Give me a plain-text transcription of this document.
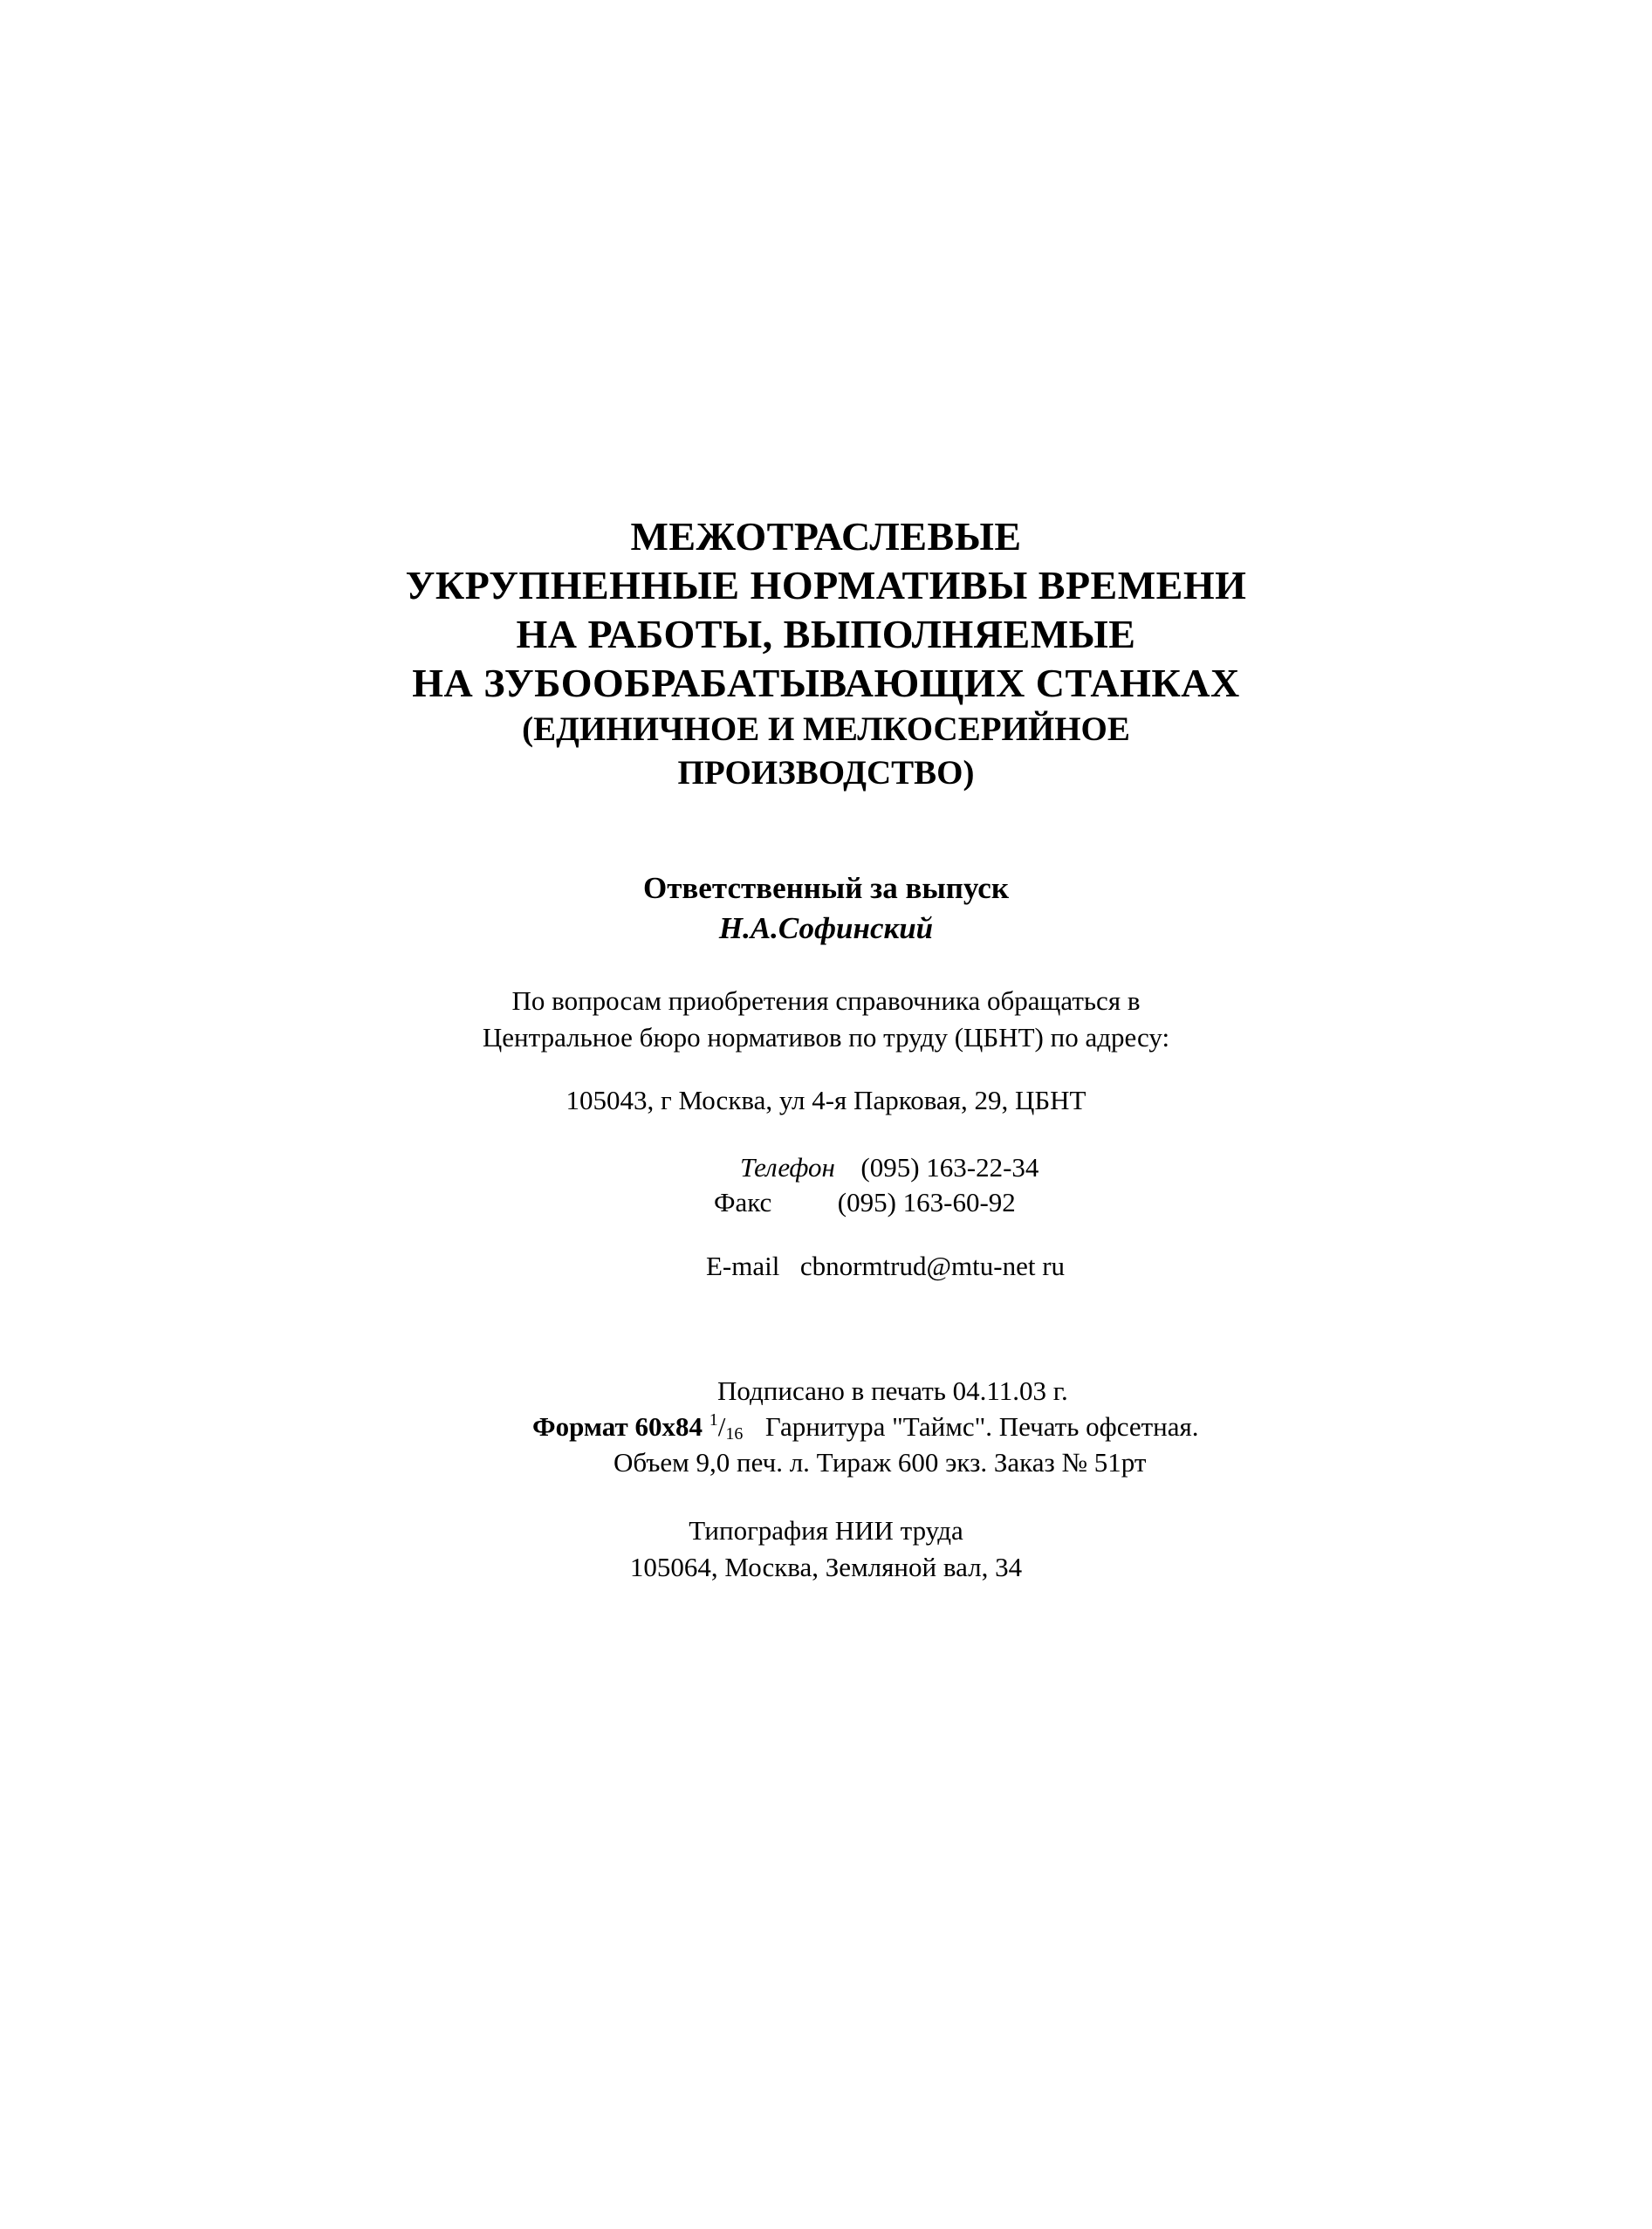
МЕЖОТРАСЛЕВЫЕ
УКРУПНЕННЫЕ НОРМАТИВЫ ВРЕМЕНИ
НА РАБОТЫ, ВЫПОЛНЯЕМЫЕ
НА ЗУБООБРАБАТЫВАЮЩИХ СТАНКАХ
(ЕДИНИЧНОЕ И МЕЛКОСЕРИЙНОЕ
ПРОИЗВОДСТВО)
Ответственный за выпуск
Н.А.Софинский
По вопросам приобретения справочника обращаться в
Центральное бюро нормативов по труду (ЦБНТ) по адресу:
105043, г Москва, ул 4-я Парковая, 29, ЦБНТ
Телефон (095) 163-22-34
Факс (095) 163-60-92
E-mail cbnormtrud@mtu-net ru
Подписано в печать 04.11.03 г.
Формат 60х84 $^1/_{16}$ Гарнитура "Таймс". Печать офсетная.
Объем 9,0 печ. л. Тираж 600 экз. Заказ № 51рт
Типография НИИ труда
105064, Москва, Земляной вал, 34
